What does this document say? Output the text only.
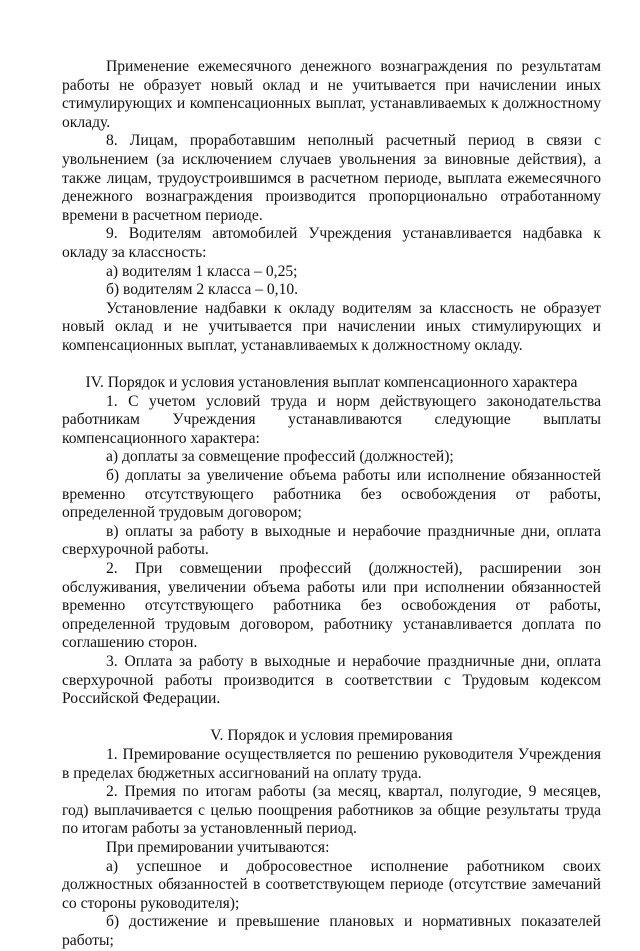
Применение ежемесячного денежного вознаграждения по результатам работы не образует новый оклад и не учитывается при начислении иных стимулирующих и компенсационных выплат, устанавливаемых к должностному окладу.

8. Лицам, проработавшим неполный расчетный период в связи с увольнением (за исключением случаев увольнения за виновные действия), а также лицам, трудоустроившимся в расчетном периоде, выплата ежемесячного денежного вознаграждения производится пропорционально отработанному времени в расчетном периоде.

9. Водителям автомобилей Учреждения устанавливается надбавка к окладу за классность:

а) водителям 1 класса – 0,25;

б) водителям 2 класса – 0,10.

Установление надбавки к окладу водителям за классность не образует новый оклад и не учитывается при начислении иных стимулирующих и компенсационных выплат, устанавливаемых к должностному окладу.

IV. Порядок и условия установления выплат компенсационного характера

1. С учетом условий труда и норм действующего законодательства работникам Учреждения устанавливаются следующие выплаты компенсационного характера:

а) доплаты за совмещение профессий (должностей);

б) доплаты за увеличение объема работы или исполнение обязанностей временно отсутствующего работника без освобождения от работы, определенной трудовым договором;

в) оплаты за работу в выходные и нерабочие праздничные дни, оплата сверхурочной работы.

2. При совмещении профессий (должностей), расширении зон обслуживания, увеличении объема работы или при исполнении обязанностей временно отсутствующего работника без освобождения от работы, определенной трудовым договором, работнику устанавливается доплата по соглашению сторон.

3. Оплата за работу в выходные и нерабочие праздничные дни, оплата сверхурочной работы производится в соответствии с Трудовым кодексом Российской Федерации.

V. Порядок и условия премирования

1. Премирование осуществляется по решению руководителя Учреждения в пределах бюджетных ассигнований на оплату труда.

2. Премия по итогам работы (за месяц, квартал, полугодие, 9 месяцев, год) выплачивается с целью поощрения работников за общие результаты труда по итогам работы за установленный период.

При премировании учитываются:

а) успешное и добросовестное исполнение работником своих должностных обязанностей в соответствующем периоде (отсутствие замечаний со стороны руководителя);

б) достижение и превышение плановых и нормативных показателей работы;
